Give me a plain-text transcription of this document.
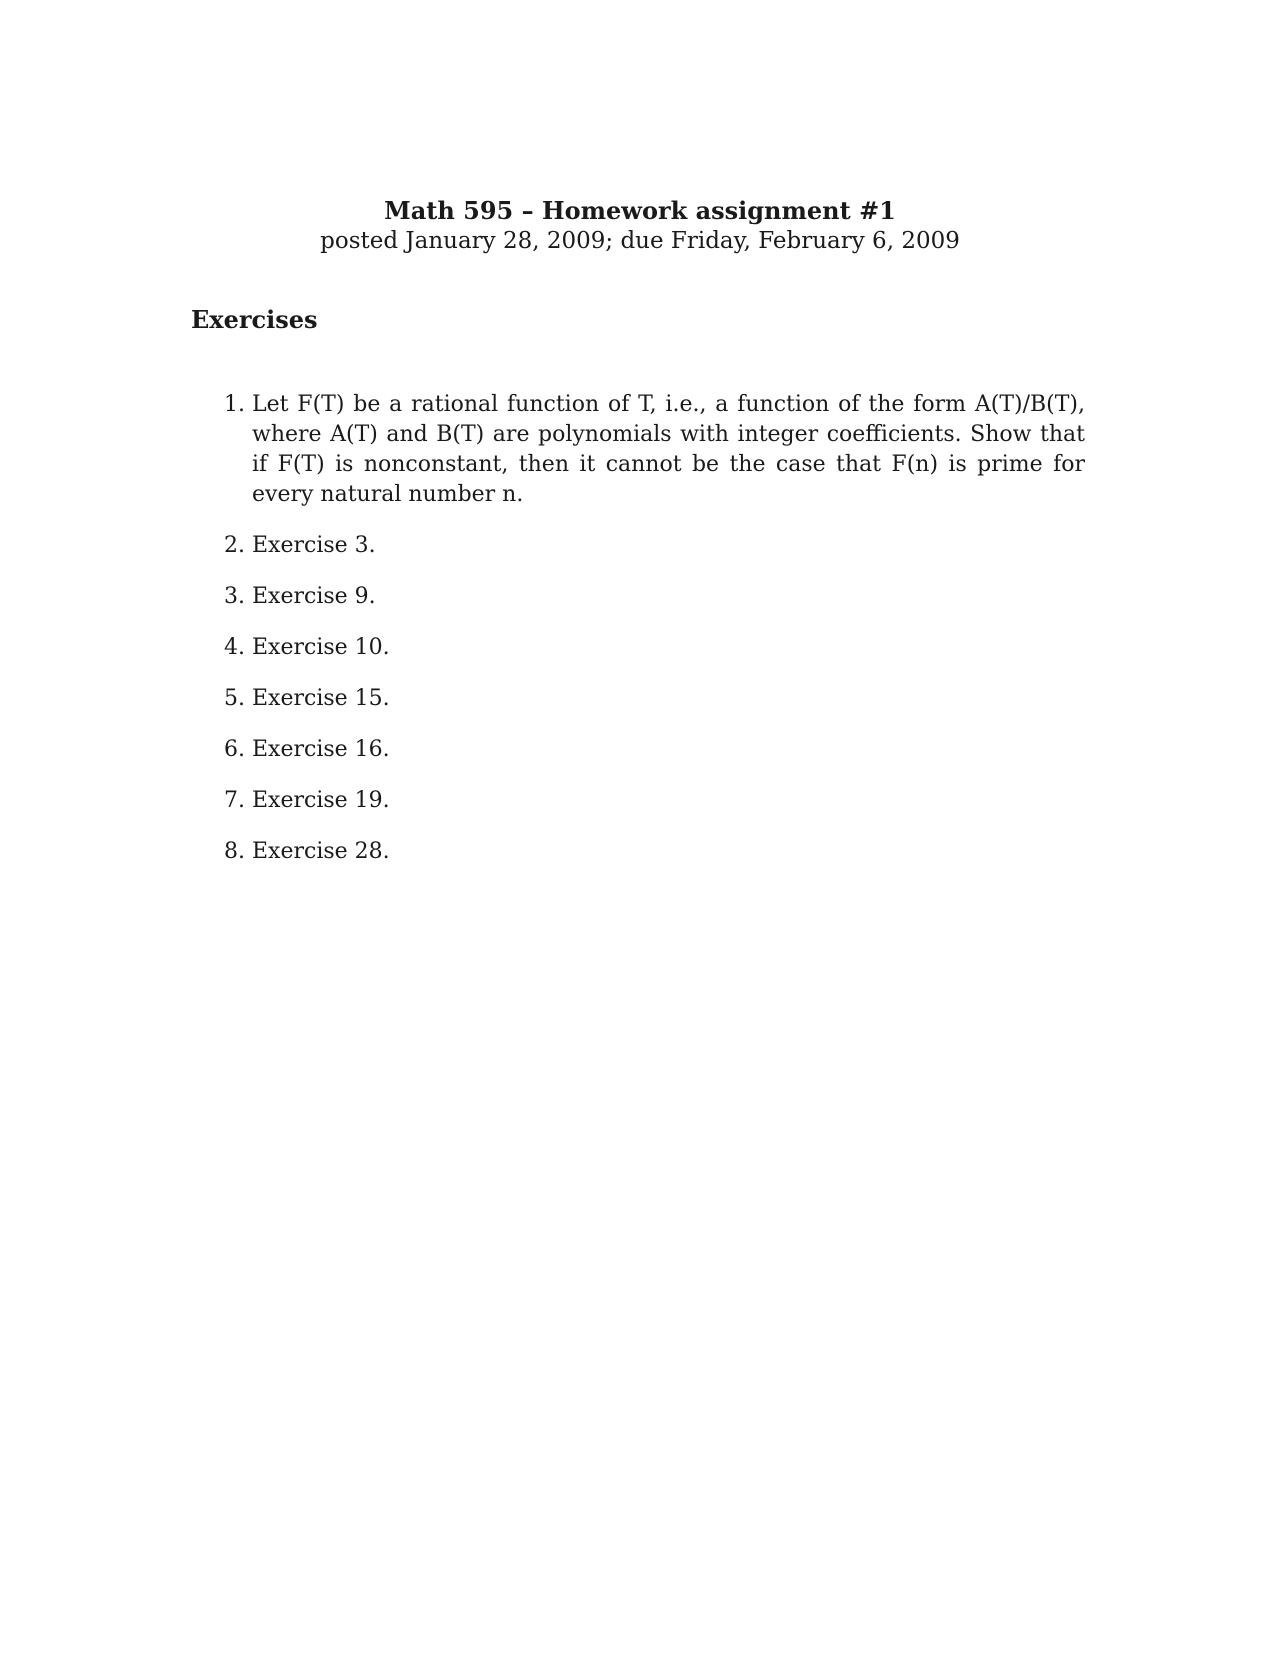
Math 595 – Homework assignment #1

posted January 28, 2009; due Friday, February 6, 2009

Exercises
1. Let F(T) be a rational function of T, i.e., a function of the form A(T)/B(T), where A(T) and B(T) are polynomials with integer coefficients. Show that if F(T) is nonconstant, then it cannot be the case that F(n) is prime for every natural number n.
2. Exercise 3.
3. Exercise 9.
4. Exercise 10.
5. Exercise 15.
6. Exercise 16.
7. Exercise 19.
8. Exercise 28.
